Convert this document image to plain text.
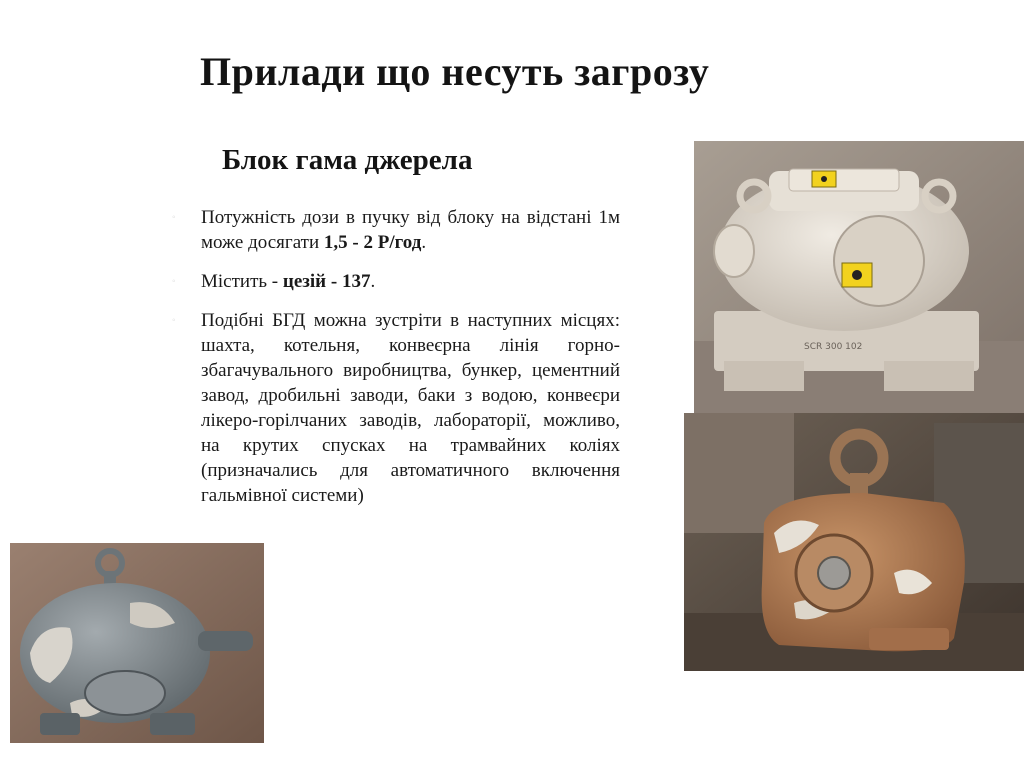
Прилади що несуть загрозу
Блок гама джерела
◦ Потужність дози в пучку від блоку на відстані 1м може досягати 1,5 - 2 Р/год.
◦ Містить - цезій - 137.
◦ Подібні БГД можна зустріти в наступних місцях: шахта, котельня, конвеєрна лінія горно-збагачувального виробництва, бункер, цементний завод, дробильні заводи, баки з водою, конвеєри лікеро-горілчаних заводів, лабораторії, можливо, на крутих спусках на трамвайних коліях (призначались для автоматичного включення гальмівної системи)
SCR 300 102
